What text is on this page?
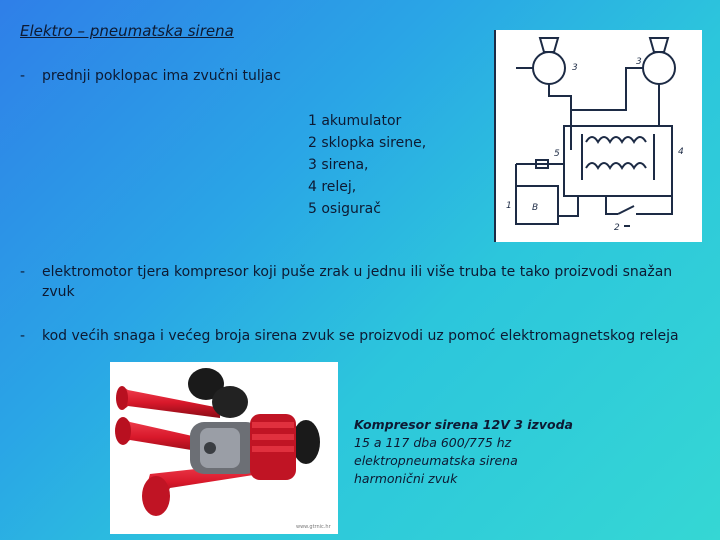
Elektro – pneumatska sirena
-	prednji poklopac ima zvučni tuljac
1 akumulator
2 sklopka sirene,
3 sirena,
4 relej,
5 osigurač
3
3
5	4
1 B
2
-	elektromotor tjera kompresor koji puše zrak u jednu ili više truba te tako proizvodi snažan zvuk
-	kod većih snaga i većeg broja sirena zvuk se proizvodi uz pomoć elektromagnetskog releja
www.gtrnic.hr
Kompresor sirena 12V 3 izvoda
15 a 117 dba 600/775 hz
elektropneumatska sirena
harmonični zvuk
